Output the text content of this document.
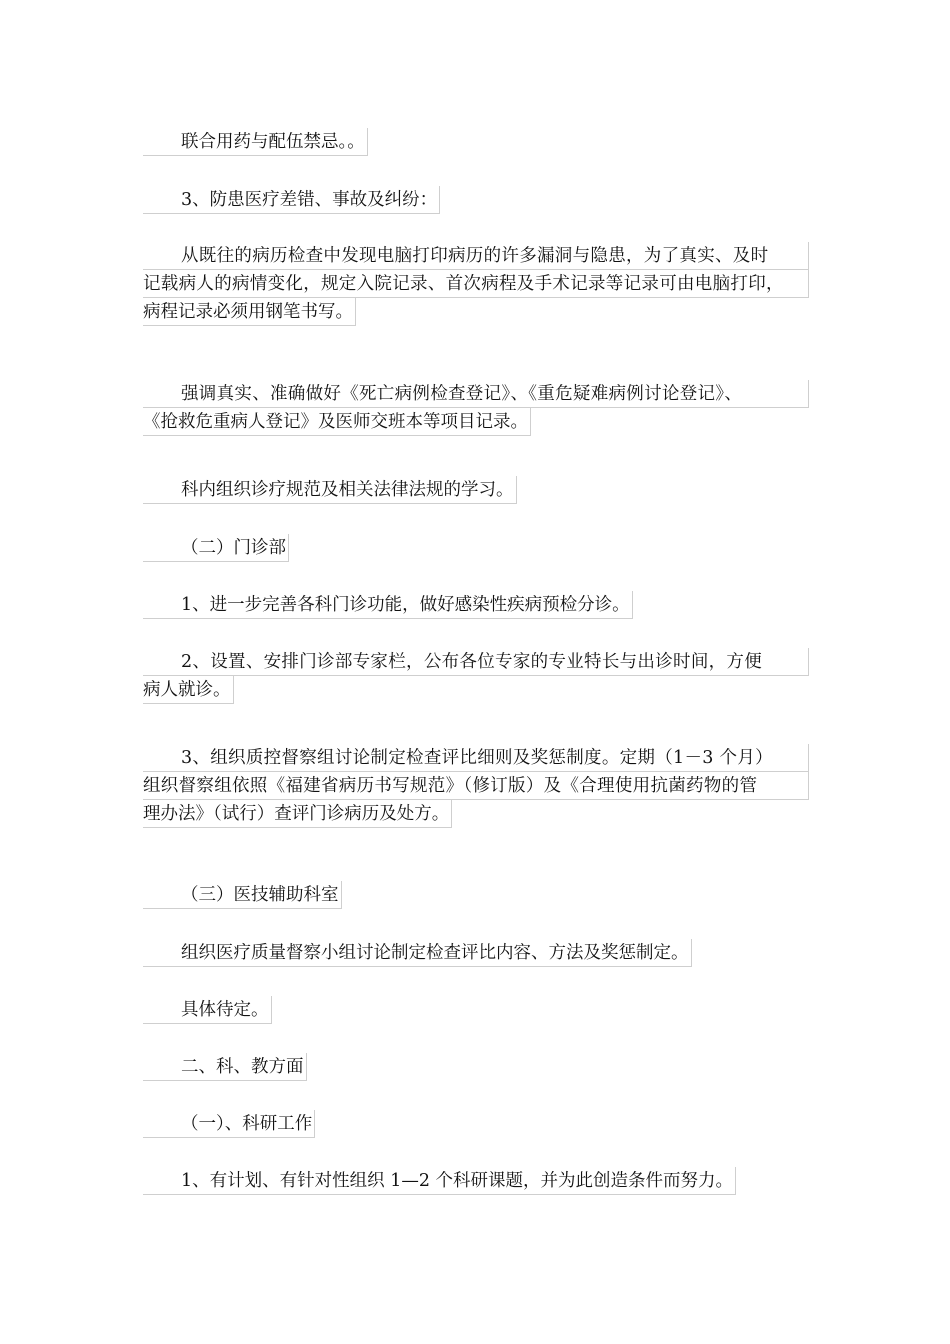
联合用药与配伍禁忌。。
3、防患医疗差错、事故及纠纷：
从既往的病历检查中发现电脑打印病历的许多漏洞与隐患，为了真实、及时
记载病人的病情变化，规定入院记录、首次病程及手术记录等记录可由电脑打印，
病程记录必须用钢笔书写。
强调真实、准确做好《死亡病例检查登记》、《重危疑难病例讨论登记》、
《抢救危重病人登记》及医师交班本等项目记录。
科内组织诊疗规范及相关法律法规的学习。
（二）门诊部
1、进一步完善各科门诊功能，做好感染性疾病预检分诊。
2、设置、安排门诊部专家栏，公布各位专家的专业特长与出诊时间，方便
病人就诊。
3、组织质控督察组讨论制定检查评比细则及奖惩制度。定期（1－3 个月）
组织督察组依照《福建省病历书写规范》（修订版）及《合理使用抗菌药物的管
理办法》（试行）查评门诊病历及处方。
（三）医技辅助科室
组织医疗质量督察小组讨论制定检查评比内容、方法及奖惩制定。
具体待定。
二、科、教方面
（一）、科研工作
1、有计划、有针对性组织 1—2 个科研课题，并为此创造条件而努力。
